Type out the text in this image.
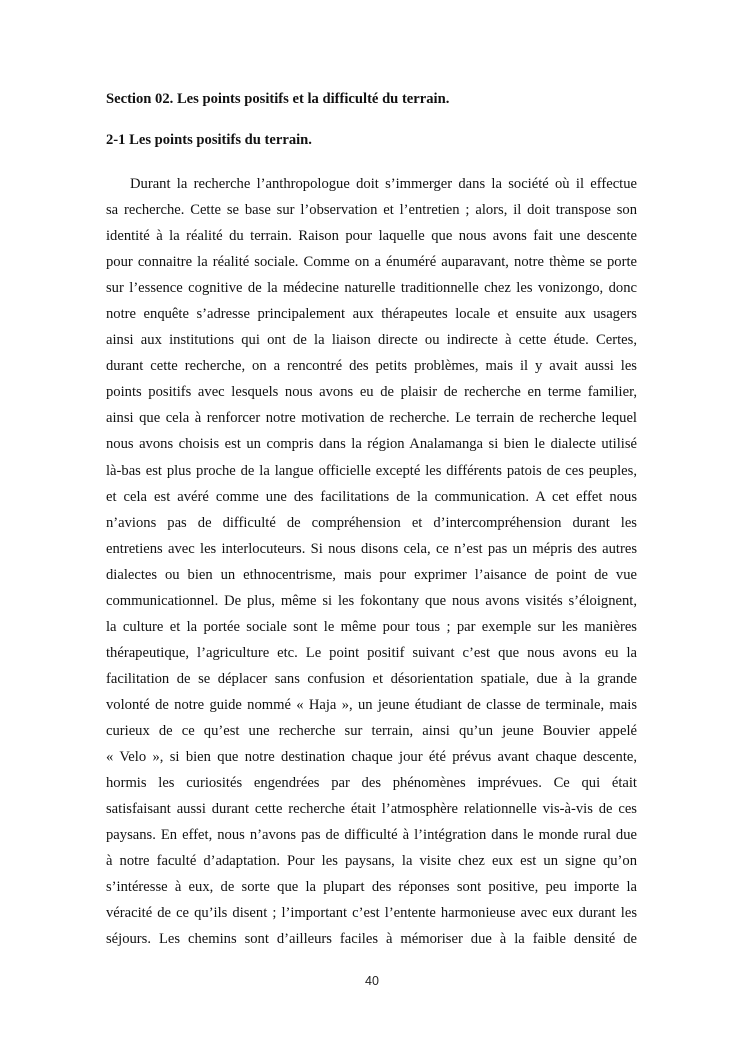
Section 02. Les points positifs et la difficulté du terrain.
2-1 Les points positifs du terrain.
Durant la recherche l’anthropologue doit s’immerger dans la société où il effectue
sa recherche. Cette se base sur l’observation et l’entretien ; alors, il doit transpose son
identité à la réalité du terrain. Raison pour laquelle que nous avons fait une descente
pour connaitre la réalité sociale. Comme on a énuméré auparavant, notre thème se porte
sur l’essence cognitive de la médecine naturelle traditionnelle chez les vonizongo, donc
notre enquête s’adresse principalement aux thérapeutes locale et ensuite aux usagers
ainsi aux institutions qui ont de la liaison directe ou indirecte à cette étude. Certes,
durant cette recherche, on a rencontré des petits problèmes, mais il y avait aussi les
points positifs avec lesquels nous avons eu de plaisir de recherche en terme familier,
ainsi que cela à renforcer notre motivation de recherche. Le terrain de recherche lequel
nous avons choisis est un compris dans la région Analamanga si bien le dialecte utilisé
là-bas est plus proche de la langue officielle excepté les différents patois de ces peuples,
et cela est avéré comme une des facilitations de la communication. A cet effet nous
n’avions pas de difficulté de compréhension et d’intercompréhension durant les
entretiens avec les interlocuteurs. Si nous disons cela, ce n’est pas un mépris des autres
dialectes ou bien un ethnocentrisme, mais pour exprimer l’aisance de point de vue
communicationnel. De plus, même si les fokontany que nous avons visités s’éloignent,
la culture et la portée sociale sont le même pour tous ; par exemple sur les manières
thérapeutique, l’agriculture etc. Le point positif suivant c’est que nous avons eu la
facilitation de se déplacer sans confusion et désorientation spatiale, due à la grande
volonté de notre guide nommé « Haja », un jeune étudiant de classe de terminale, mais
curieux de ce qu’est une recherche sur terrain, ainsi qu’un jeune Bouvier appelé
« Velo », si bien que notre destination chaque jour été prévus avant chaque descente,
hormis les curiosités engendrées par des phénomènes imprévues. Ce qui était
satisfaisant aussi durant cette recherche était l’atmosphère relationnelle vis-à-vis de ces
paysans. En effet, nous n’avons pas de difficulté à l’intégration dans le monde rural due
à notre faculté d’adaptation. Pour les paysans, la visite chez eux est un signe qu’on
s’intéresse à eux, de sorte que la plupart des réponses sont positive, peu importe la
véracité de ce qu’ils disent ; l’important c’est l’entente harmonieuse avec eux durant les
séjours. Les chemins sont d’ailleurs faciles à mémoriser due à la faible densité de
40
